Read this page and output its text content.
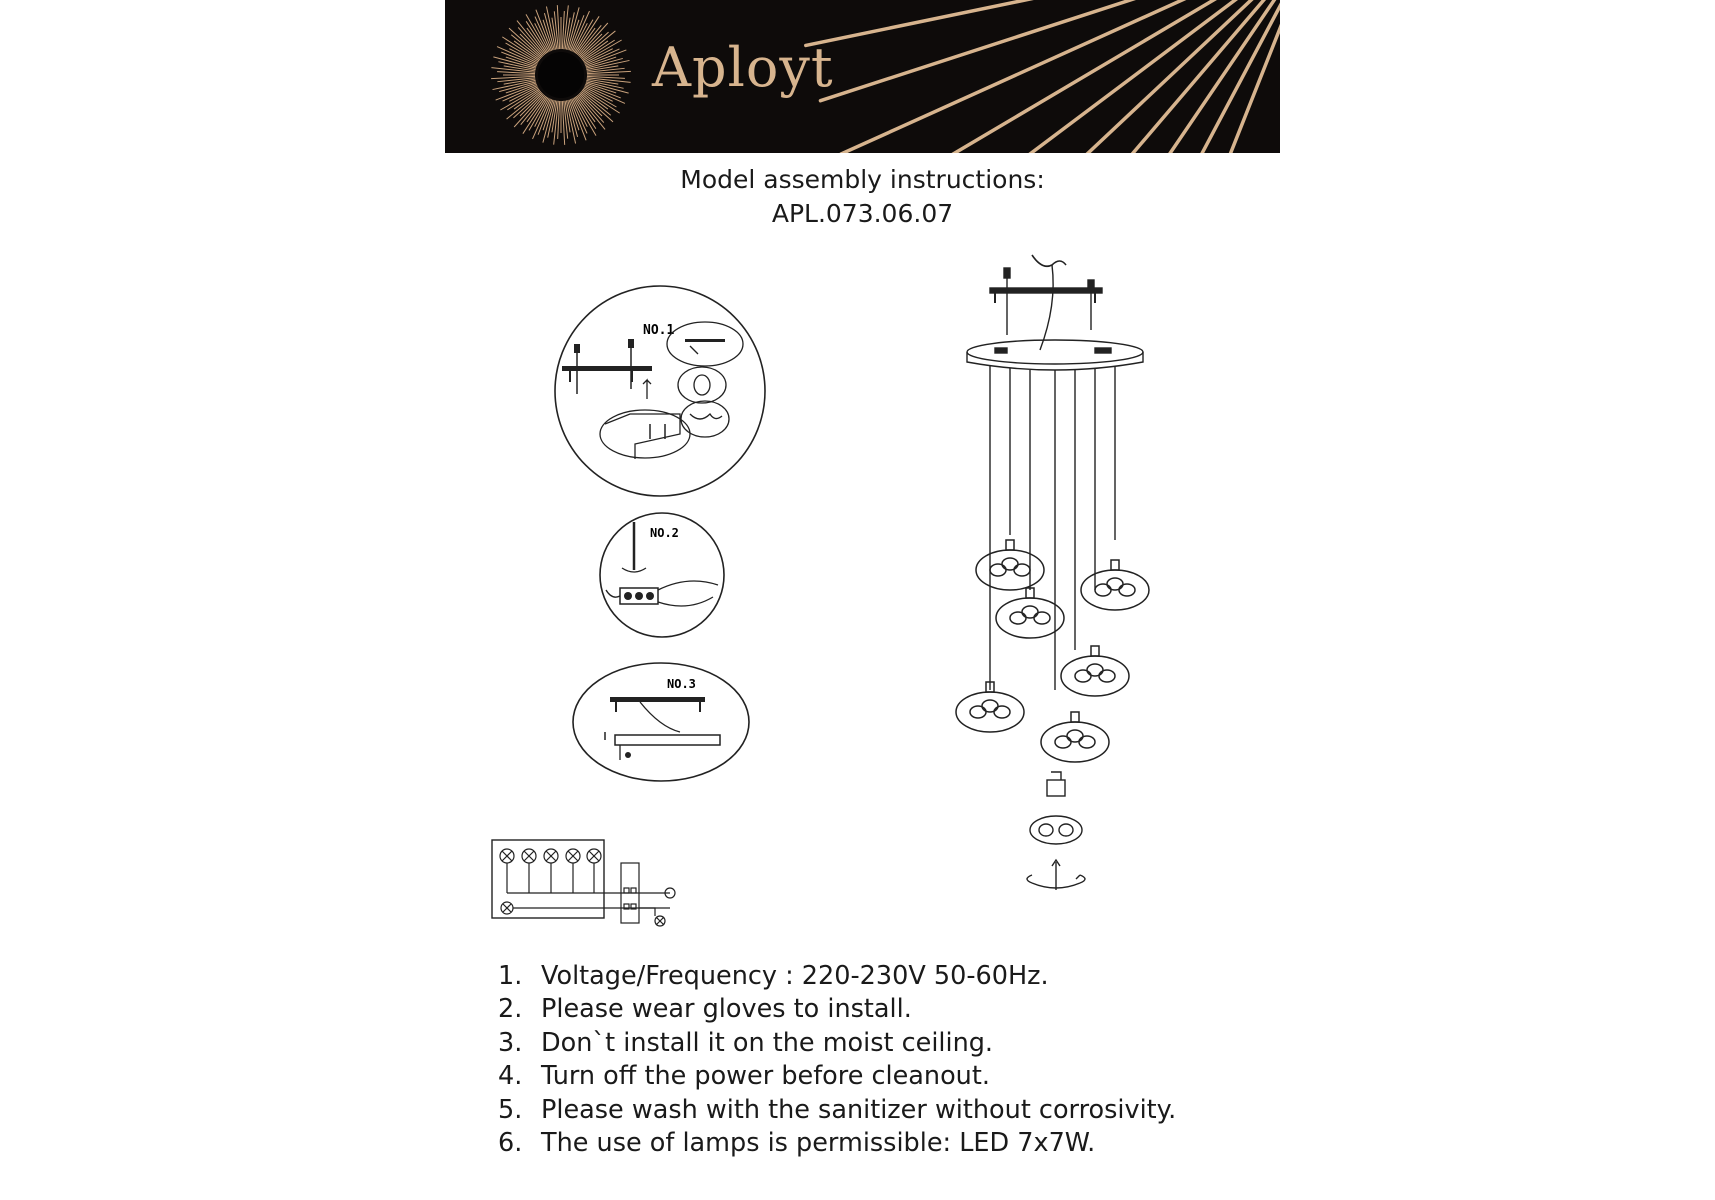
Aployt
Model assembly instructions:
APL.073.06.07
NO.1
NO.2
NO.3
1. Voltage/Frequency : 220-230V 50-60Hz.
2. Please wear gloves to install.
3. Don`t install it on the moist ceiling.
4. Turn off the power before cleanout.
5. Please wash with the sanitizer without corrosivity.
6. The use of lamps is permissible: LED 7x7W.
